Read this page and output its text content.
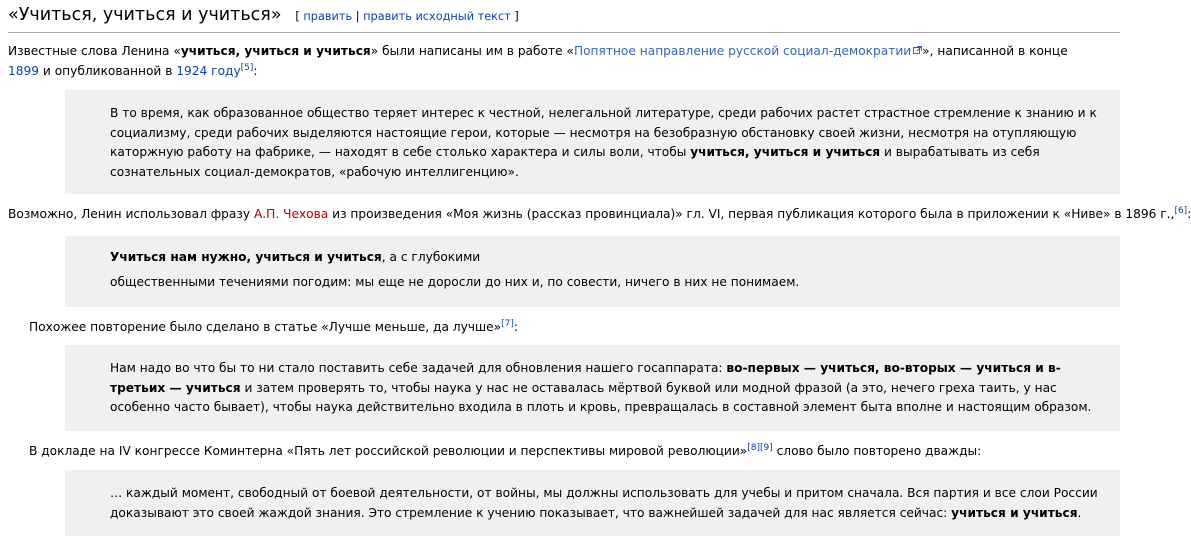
«Учиться, учиться и учиться» [ править | править исходный текст ]

Известные слова Ленина «учиться, учиться и учиться» были написаны им в работе «Попятное направление русской социал-демократии », написанной в конце 1899 и опубликованной в 1924 году[5]:

В то время, как образованное общество теряет интерес к честной, нелегальной литературе, среди рабочих растет страстное стремление к знанию и к социализму, среди рабочих выделяются настоящие герои, которые — несмотря на безобразную обстановку своей жизни, несмотря на отупляющую каторжную работу на фабрике, — находят в себе столько характера и силы воли, чтобы учиться, учиться и учиться и вырабатывать из себя сознательных социал-демократов, «рабочую интеллигенцию».

Возможно, Ленин использовал фразу А.П. Чехова из произведения «Моя жизнь (рассказ провинциала)» гл. VI, первая публикация которого была в приложении к «Ниве» в 1896 г.,[6]:

Учиться нам нужно, учиться и учиться, а с глубокими

общественными течениями погодим: мы еще не доросли до них и, по совести, ничего в них не понимаем.

Похожее повторение было сделано в статье «Лучше меньше, да лучше»[7]:

Нам надо во что бы то ни стало поставить себе задачей для обновления нашего госаппарата: во-первых — учиться, во-вторых — учиться и в-третьих — учиться и затем проверять то, чтобы наука у нас не оставалась мёртвой буквой или модной фразой (а это, нечего греха таить, у нас особенно часто бывает), чтобы наука действительно входила в плоть и кровь, превращалась в составной элемент быта вполне и настоящим образом.

В докладе на IV конгрессе Коминтерна «Пять лет российской революции и перспективы мировой революции»[8][9] слово было повторено дважды:

… каждый момент, свободный от боевой деятельности, от войны, мы должны использовать для учебы и притом сначала. Вся партия и все слои России доказывают это своей жаждой знания. Это стремление к учению показывает, что важнейшей задачей для нас является сейчас: учиться и учиться.
